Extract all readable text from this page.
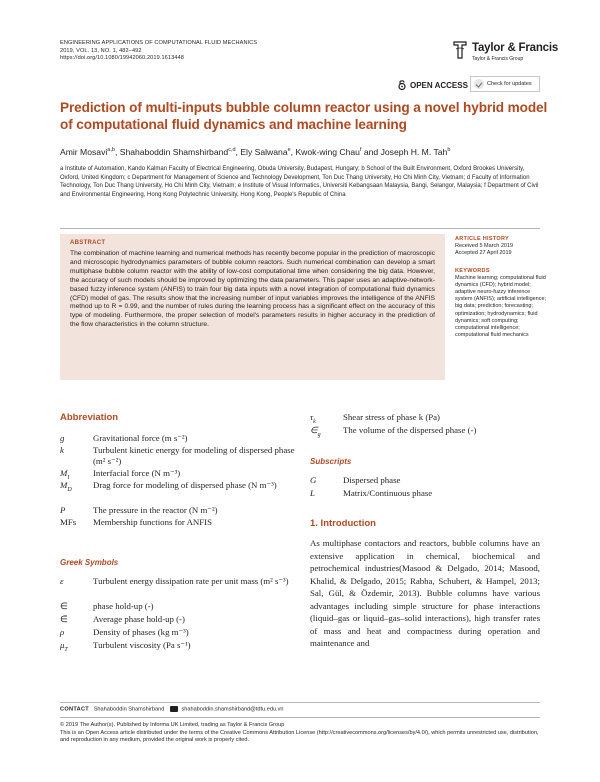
ENGINEERING APPLICATIONS OF COMPUTATIONAL FLUID MECHANICS
2019, VOL. 13, NO. 1, 482–492
https://doi.org/10.1080/19942060.2019.1613448
Taylor & Francis
Taylor & Francis Group
OPEN ACCESS	Check for updates
Prediction of multi-inputs bubble column reactor using a novel hybrid model of computational fluid dynamics and machine learning
Amir Mosavi$^{a,b}$, Shahaboddin Shamshirband$^{c,d}$, Ely Salwana$^e$, Kwok-wing Chau$^f$ and Joseph H. M. Tah$^b$
a Institute of Automation, Kando Kalman Faculty of Electrical Engineering, Obuda University, Budapest, Hungary; b School of the Built Environment, Oxford Brookes University, Oxford, United Kingdom; c Department for Management of Science and Technology Development, Ton Duc Thang University, Ho Chi Minh City, Vietnam; d Faculty of Information Technology, Ton Duc Thang University, Ho Chi Minh City, Vietnam; e Institute of Visual Informatics, Universiti Kebangsaan Malaysia, Bangi, Selangor, Malaysia; f Department of Civil and Environmental Engineering, Hong Kong Polytechnic University, Hong Kong, People's Republic of China
ABSTRACT
The combination of machine learning and numerical methods has recently become popular in the prediction of macroscopic and microscopic hydrodynamics parameters of bubble column reactors. Such numerical combination can develop a smart multiphase bubble column reactor with the ability of low-cost computational time when considering the big data. However, the accuracy of such models should be improved by optimizing the data parameters. This paper uses an adaptive-network-based fuzzy inference system (ANFIS) to train four big data inputs with a novel integration of computational fluid dynamics (CFD) model of gas. The results show that the increasing number of input variables improves the intelligence of the ANFIS method up to R = 0.99, and the number of rules during the learning process has a significant effect on the accuracy of this type of modeling. Furthermore, the proper selection of model's parameters results in higher accuracy in the prediction of the flow characteristics in the column structure.
ARTICLE HISTORY
Received 5 March 2019
Accepted 27 April 2019
KEYWORDS
Machine learning; computational fluid dynamics (CFD); hybrid model; adaptive neuro-fuzzy inference system (ANFIS); artificial intelligence; big data; prediction; forecasting; optimization; hydrodynamics; fluid dynamics; soft computing; computational intelligence; computational fluid mechanics
Abbreviation
g	Gravitational force (m s⁻²)
k	Turbulent kinetic energy for modeling of dispersed phase (m² s⁻²)
$M_I$	Interfacial force (N m⁻³)
$M_D$ Drag force for modeling of dispersed phase (N m⁻³)
P	The pressure in the reactor (N m⁻²)
MFs Membership functions for ANFIS
Greek Symbols
ε	Turbulent energy dissipation rate per unit mass (m² s⁻³)
∈	phase hold-up (-)
∈̄	Average phase hold-up (-)
ρ	Density of phases (kg m⁻³)
$\mu_T$	Turbulent viscosity (Pa s⁻¹)
$\tau_k$	Shear stress of phase k (Pa)
$\in_g$	The volume of the dispersed phase (-)
Subscripts
G	Dispersed phase
L	Matrix/Continuous phase
1. Introduction
As multiphase contactors and reactors, bubble columns have an extensive application in chemical, biochemical and petrochemical industries(Masood & Delgado, 2014; Masood, Khalid, & Delgado, 2015; Rabha, Schubert, & Hampel, 2013; Sal, Gül, & Özdemir, 2013). Bubble columns have various advantages including simple structure for phase interactions (liquid–gas or liquid–gas–solid interactions), high transfer rates of mass and heat and compactness during operation and maintenance and
CONTACT Shahaboddin Shamshirband	shahaboddin.shamshirband@tdtu.edu.vn
© 2019 The Author(s). Published by Informa UK Limited, trading as Taylor & Francis Group
This is an Open Access article distributed under the terms of the Creative Commons Attribution License (http://creativecommons.org/licenses/by/4.0/), which permits unrestricted use, distribution, and reproduction in any medium, provided the original work is properly cited.
